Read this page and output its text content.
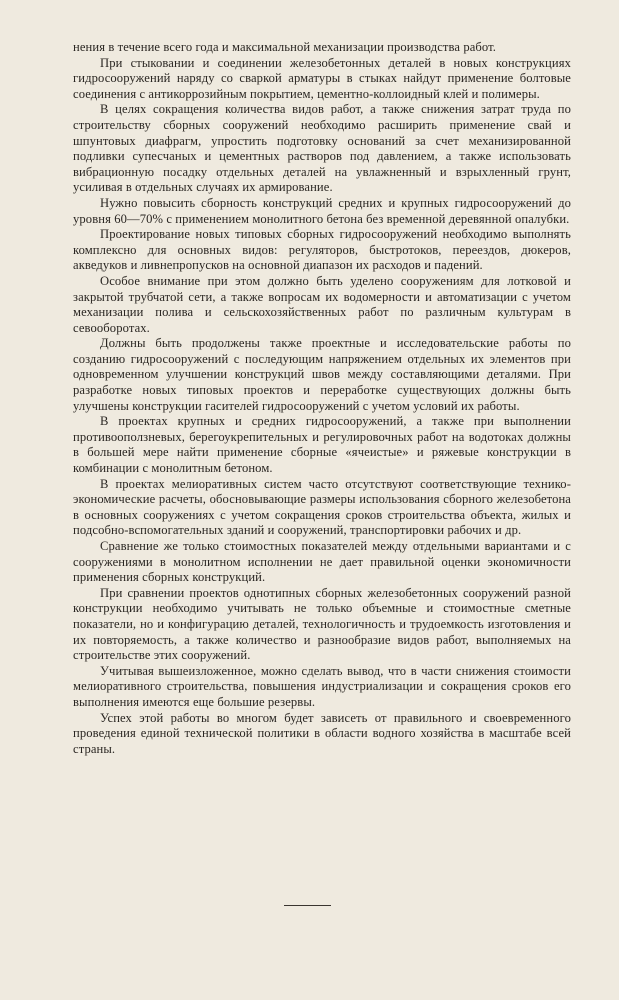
нения в течение всего года и максимальной механизации производства работ.

При стыковании и соединении железобетонных деталей в новых конструкциях гидросооружений наряду со сваркой арматуры в стыках найдут применение болтовые соединения с антикоррозийным покрытием, цементно-коллоидный клей и полимеры.

В целях сокращения количества видов работ, а также снижения затрат труда по строительству сборных сооружений необходимо расширить применение свай и шпунтовых диафрагм, упростить подготовку оснований за счет механизированной подливки супесчаных и цементных растворов под давлением, а также использовать вибрационную посадку отдельных деталей на увлажненный и взрыхленный грунт, усиливая в отдельных случаях их армирование.

Нужно повысить сборность конструкций средних и крупных гидросооружений до уровня 60—70% с применением монолитного бетона без временной деревянной опалубки.

Проектирование новых типовых сборных гидросооружений необходимо выполнять комплексно для основных видов: регуляторов, быстротоков, переездов, дюкеров, акведуков и ливнепропусков на основной диапазон их расходов и падений.

Особое внимание при этом должно быть уделено сооружениям для лотковой и закрытой трубчатой сети, а также вопросам их водомерности и автоматизации с учетом механизации полива и сельскохозяйственных работ по различным культурам в севооборотах.

Должны быть продолжены также проектные и исследовательские работы по созданию гидросооружений с последующим напряжением отдельных их элементов при одновременном улучшении конструкций швов между составляющими деталями. При разработке новых типовых проектов и переработке существующих должны быть улучшены конструкции гасителей гидросооружений с учетом условий их работы.

В проектах крупных и средних гидросооружений, а также при выполнении противооползневых, берегоукрепительных и регулировочных работ на водотоках должны в большей мере найти применение сборные «ячеистые» и ряжевые конструкции в комбинации с монолитным бетоном.

В проектах мелиоративных систем часто отсутствуют соответствующие технико-экономические расчеты, обосновывающие размеры использования сборного железобетона в основных сооружениях с учетом сокращения сроков строительства объекта, жилых и подсобно-вспомогательных зданий и сооружений, транспортировки рабочих и др.

Сравнение же только стоимостных показателей между отдельными вариантами и с сооружениями в монолитном исполнении не дает правильной оценки экономичности применения сборных конструкций.

При сравнении проектов однотипных сборных железобетонных сооружений разной конструкции необходимо учитывать не только объемные и стоимостные сметные показатели, но и конфигурацию деталей, технологичность и трудоемкость изготовления и их повторяемость, а также количество и разнообразие видов работ, выполняемых на строительстве этих сооружений.

Учитывая вышеизложенное, можно сделать вывод, что в части снижения стоимости мелиоративного строительства, повышения индустриализации и сокращения сроков его выполнения имеются еще большие резервы.

Успех этой работы во многом будет зависеть от правильного и своевременного проведения единой технической политики в области водного хозяйства в масштабе всей страны.
